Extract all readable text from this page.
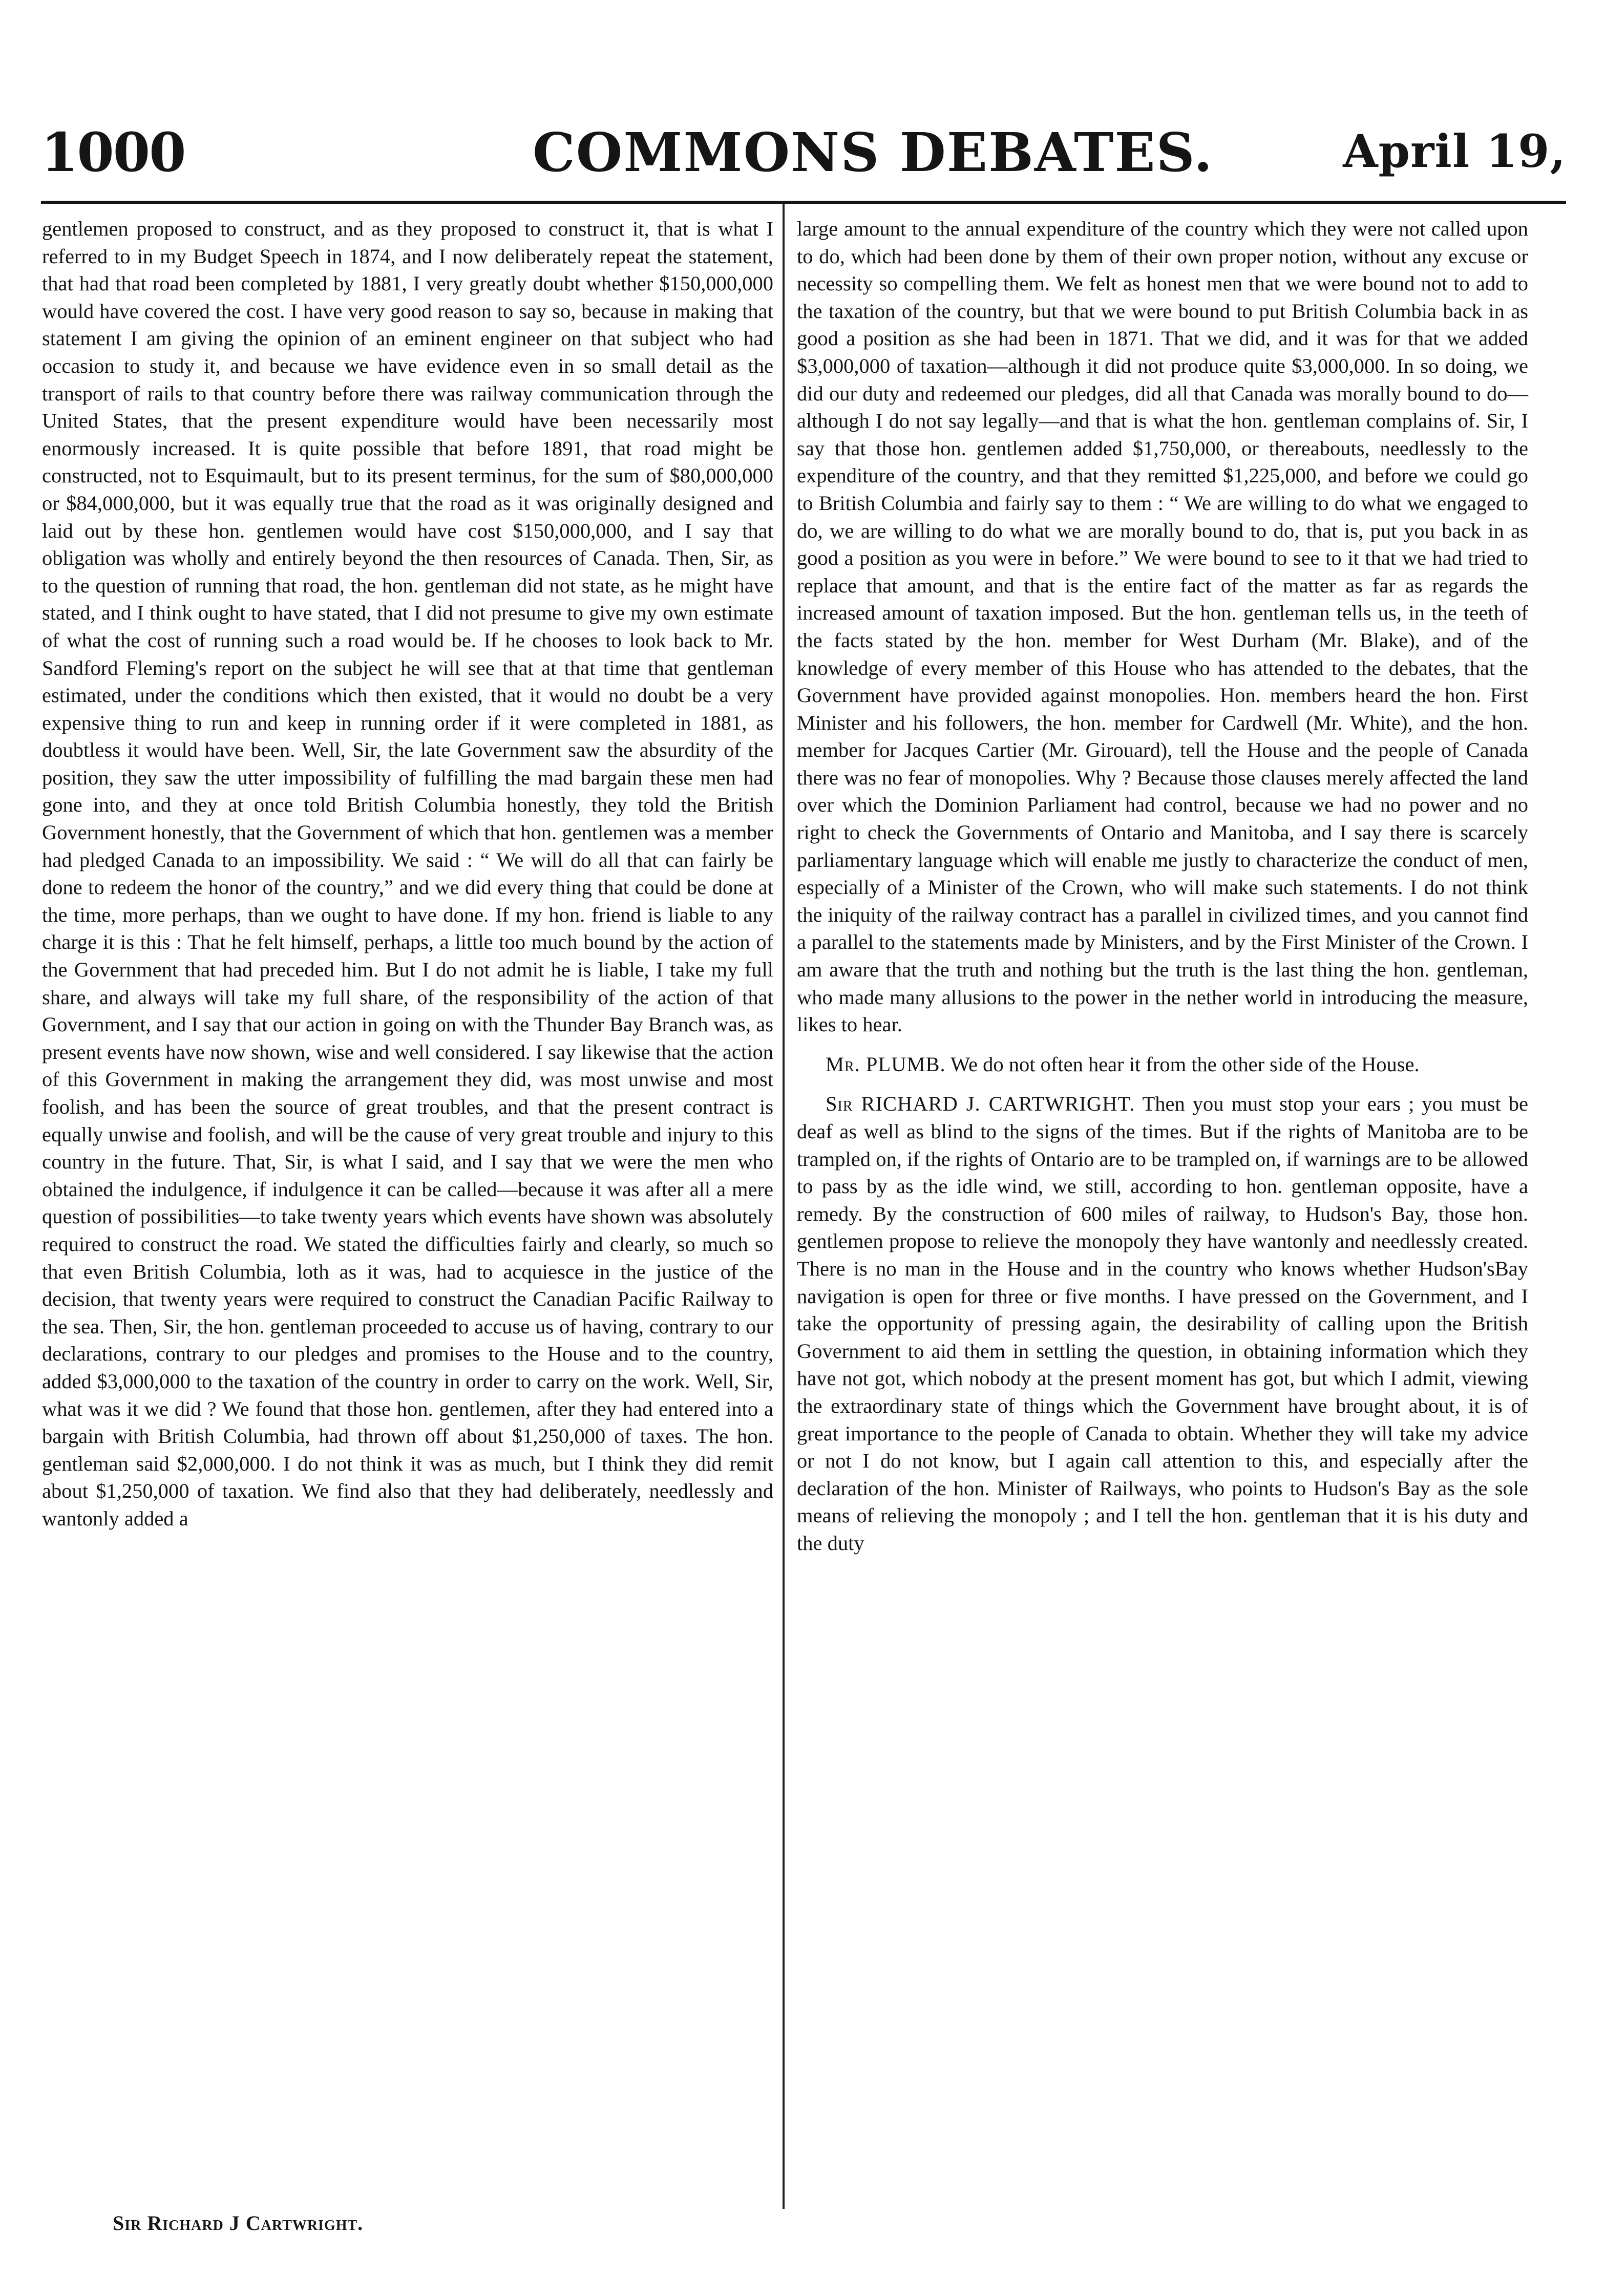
1000	COMMONS DEBATES.	April 19,

gentlemen proposed to construct, and as they proposed to construct it, that is what I referred to in my Budget Speech in 1874, and I now deliberately repeat the statement, that had that road been completed by 1881, I very greatly doubt whether $150,000,000 would have covered the cost. I have very good reason to say so, because in making that statement I am giving the opinion of an eminent engineer on that subject who had occasion to study it, and because we have evidence even in so small detail as the transport of rails to that country before there was railway communication through the United States, that the present expenditure would have been necessarily most enormously increased. It is quite possible that before 1891, that road might be constructed, not to Esquimault, but to its present terminus, for the sum of $80,000,000 or $84,000,000, but it was equally true that the road as it was originally designed and laid out by these hon. gentlemen would have cost $150,000,000, and I say that obligation was wholly and entirely beyond the then resources of Canada. Then, Sir, as to the question of running that road, the hon. gentleman did not state, as he might have stated, and I think ought to have stated, that I did not presume to give my own estimate of what the cost of running such a road would be. If he chooses to look back to Mr. Sandford Fleming's report on the subject he will see that at that time that gentleman estimated, under the conditions which then existed, that it would no doubt be a very expensive thing to run and keep in running order if it were completed in 1881, as doubtless it would have been. Well, Sir, the late Government saw the absurdity of the position, they saw the utter impossibility of fulfilling the mad bargain these men had gone into, and they at once told British Columbia honestly, they told the British Government honestly, that the Government of which that hon. gentlemen was a member had pledged Canada to an impossibility. We said : “ We will do all that can fairly be done to redeem the honor of the country,” and we did every thing that could be done at the time, more perhaps, than we ought to have done. If my hon. friend is liable to any charge it is this : That he felt himself, perhaps, a little too much bound by the action of the Government that had preceded him. But I do not admit he is liable, I take my full share, and always will take my full share, of the responsibility of the action of that Government, and I say that our action in going on with the Thunder Bay Branch was, as present events have now shown, wise and well considered. I say likewise that the action of this Government in making the arrangement they did, was most unwise and most foolish, and has been the source of great troubles, and that the present contract is equally unwise and foolish, and will be the cause of very great trouble and injury to this country in the future. That, Sir, is what I said, and I say that we were the men who obtained the indulgence, if indulgence it can be called—because it was after all a mere question of possibilities—to take twenty years which events have shown was absolutely required to construct the road. We stated the difficulties fairly and clearly, so much so that even British Columbia, loth as it was, had to acquiesce in the justice of the decision, that twenty years were required to construct the Canadian Pacific Railway to the sea. Then, Sir, the hon. gentleman proceeded to accuse us of having, contrary to our declarations, contrary to our pledges and promises to the House and to the country, added $3,000,000 to the taxation of the country in order to carry on the work. Well, Sir, what was it we did ? We found that those hon. gentlemen, after they had entered into a bargain with British Columbia, had thrown off about $1,250,000 of taxes. The hon. gentleman said $2,000,000. I do not think it was as much, but I think they did remit about $1,250,000 of taxation. We find also that they had deliberately, needlessly and wantonly added a

large amount to the annual expenditure of the country which they were not called upon to do, which had been done by them of their own proper notion, without any excuse or necessity so compelling them. We felt as honest men that we were bound not to add to the taxation of the country, but that we were bound to put British Columbia back in as good a position as she had been in 1871. That we did, and it was for that we added $3,000,000 of taxation—although it did not produce quite $3,000,000. In so doing, we did our duty and redeemed our pledges, did all that Canada was morally bound to do—although I do not say legally—and that is what the hon. gentleman complains of. Sir, I say that those hon. gentlemen added $1,750,000, or thereabouts, needlessly to the expenditure of the country, and that they remitted $1,225,000, and before we could go to British Columbia and fairly say to them : “ We are willing to do what we engaged to do, we are willing to do what we are morally bound to do, that is, put you back in as good a position as you were in before.” We were bound to see to it that we had tried to replace that amount, and that is the entire fact of the matter as far as regards the increased amount of taxation imposed. But the hon. gentleman tells us, in the teeth of the facts stated by the hon. member for West Durham (Mr. Blake), and of the knowledge of every member of this House who has attended to the debates, that the Government have provided against monopolies. Hon. members heard the hon. First Minister and his followers, the hon. member for Cardwell (Mr. White), and the hon. member for Jacques Cartier (Mr. Girouard), tell the House and the people of Canada there was no fear of monopolies. Why ? Because those clauses merely affected the land over which the Dominion Parliament had control, because we had no power and no right to check the Governments of Ontario and Manitoba, and I say there is scarcely parliamentary language which will enable me justly to characterize the conduct of men, especially of a Minister of the Crown, who will make such statements. I do not think the iniquity of the railway contract has a parallel in civilized times, and you cannot find a parallel to the statements made by Ministers, and by the First Minister of the Crown. I am aware that the truth and nothing but the truth is the last thing the hon. gentleman, who made many allusions to the power in the nether world in introducing the measure, likes to hear.

Mr. PLUMB. We do not often hear it from the other side of the House.

Sir RICHARD J. CARTWRIGHT. Then you must stop your ears ; you must be deaf as well as blind to the signs of the times. But if the rights of Manitoba are to be trampled on, if the rights of Ontario are to be trampled on, if warnings are to be allowed to pass by as the idle wind, we still, according to hon. gentleman opposite, have a remedy. By the construction of 600 miles of railway, to Hudson's Bay, those hon. gentlemen propose to relieve the monopoly they have wantonly and needlessly created. There is no man in the House and in the country who knows whether Hudson'sBay navigation is open for three or five months. I have pressed on the Government, and I take the opportunity of pressing again, the desirability of calling upon the British Government to aid them in settling the question, in obtaining information which they have not got, which nobody at the present moment has got, but which I admit, viewing the extraordinary state of things which the Government have brought about, it is of great importance to the people of Canada to obtain. Whether they will take my advice or not I do not know, but I again call attention to this, and especially after the declaration of the hon. Minister of Railways, who points to Hudson's Bay as the sole means of relieving the monopoly ; and I tell the hon. gentleman that it is his duty and the duty

Sir Richard J Cartwright.
